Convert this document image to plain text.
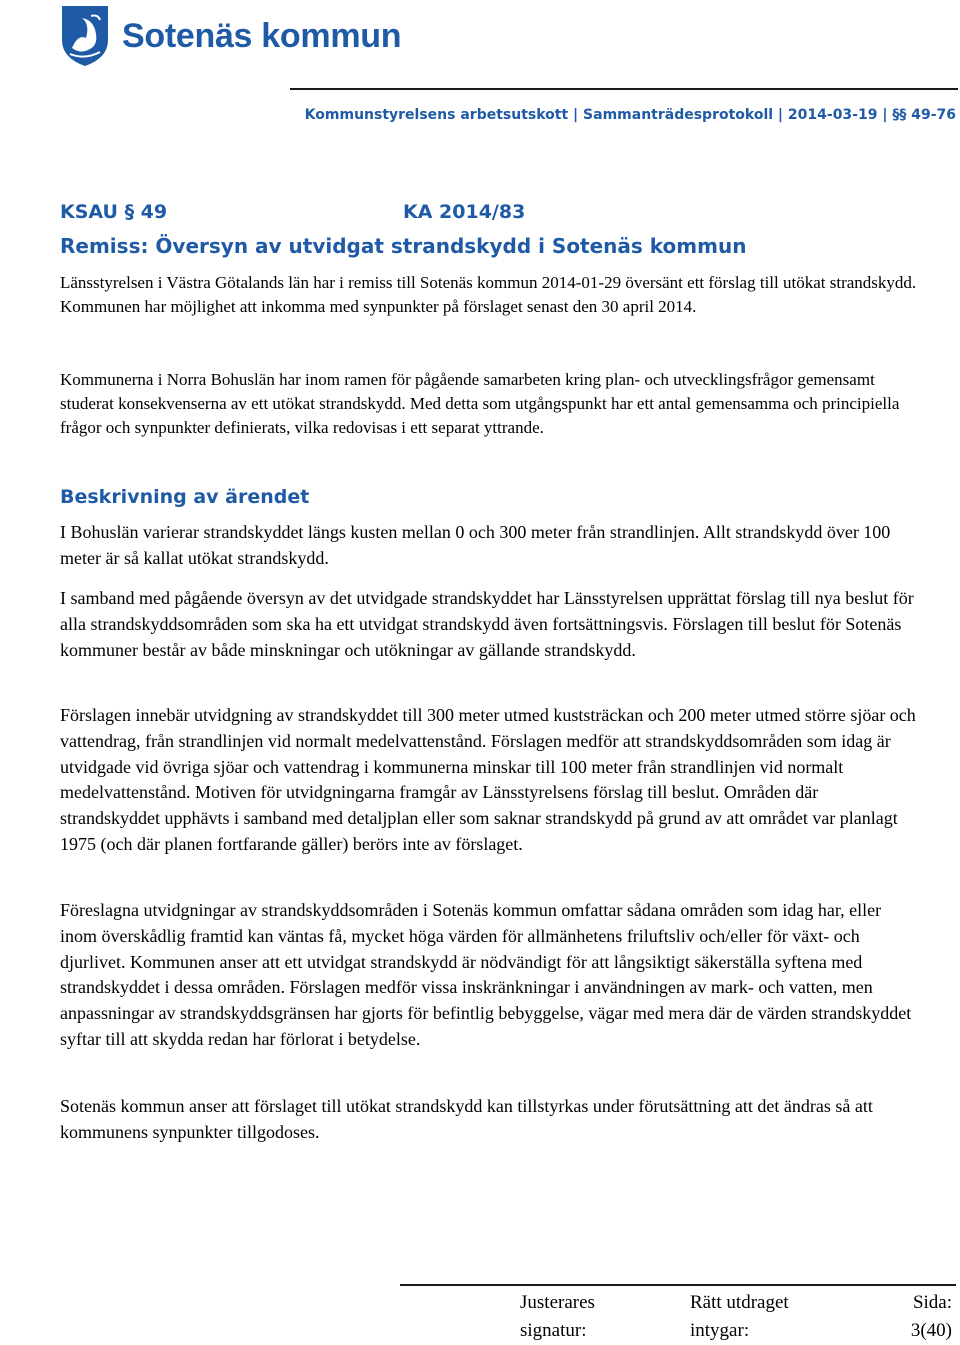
Sotenäs kommun
Kommunstyrelsens arbetsutskott | Sammanträdesprotokoll | 2014-03-19 | §§ 49-76
KSAU § 49	KA 2014/83
Remiss: Översyn av utvidgat strandskydd i Sotenäs kommun
Länsstyrelsen i Västra Götalands län har i remiss till Sotenäs kommun 2014-01-29 översänt ett förslag till utökat strandskydd. Kommunen har möjlighet att inkomma med synpunkter på förslaget senast den 30 april 2014.
Kommunerna i Norra Bohuslän har inom ramen för pågående samarbeten kring plan- och utvecklingsfrågor gemensamt studerat konsekvenserna av ett utökat strandskydd. Med detta som utgångspunkt har ett antal gemensamma och principiella frågor och synpunkter definierats, vilka redovisas i ett separat yttrande.
Beskrivning av ärendet
I Bohuslän varierar strandskyddet längs kusten mellan 0 och 300 meter från strandlinjen. Allt strandskydd över 100 meter är så kallat utökat strandskydd.
I samband med pågående översyn av det utvidgade strandskyddet har Länsstyrelsen upprättat förslag till nya beslut för alla strandskyddsområden som ska ha ett utvidgat strandskydd även fortsättningsvis. Förslagen till beslut för Sotenäs kommuner består av både minskningar och utökningar av gällande strandskydd.
Förslagen innebär utvidgning av strandskyddet till 300 meter utmed kuststräckan och 200 meter utmed större sjöar och vattendrag, från strandlinjen vid normalt medelvattenstånd. Förslagen medför att strandskyddsområden som idag är utvidgade vid övriga sjöar och vattendrag i kommunerna minskar till 100 meter från strandlinjen vid normalt medelvattenstånd. Motiven för utvidgningarna framgår av Länsstyrelsens förslag till beslut. Områden där strandskyddet upphävts i samband med detaljplan eller som saknar strandskydd på grund av att området var planlagt 1975 (och där planen fortfarande gäller) berörs inte av förslaget.
Föreslagna utvidgningar av strandskyddsområden i Sotenäs kommun omfattar sådana områden som idag har, eller inom överskådlig framtid kan väntas få, mycket höga värden för allmänhetens friluftsliv och/eller för växt- och djurlivet. Kommunen anser att ett utvidgat strandskydd är nödvändigt för att långsiktigt säkerställa syftena med strandskyddet i dessa områden. Förslagen medför vissa inskränkningar i användningen av mark- och vatten, men anpassningar av strandskyddsgränsen har gjorts för befintlig bebyggelse, vägar med mera där de värden strandskyddet syftar till att skydda redan har förlorat i betydelse.
Sotenäs kommun anser att förslaget till utökat strandskydd kan tillstyrkas under förutsättning att det ändras så att kommunens synpunkter tillgodoses.
Justerares
signatur:
Rätt utdraget
intygar:
Sida:
3(40)
